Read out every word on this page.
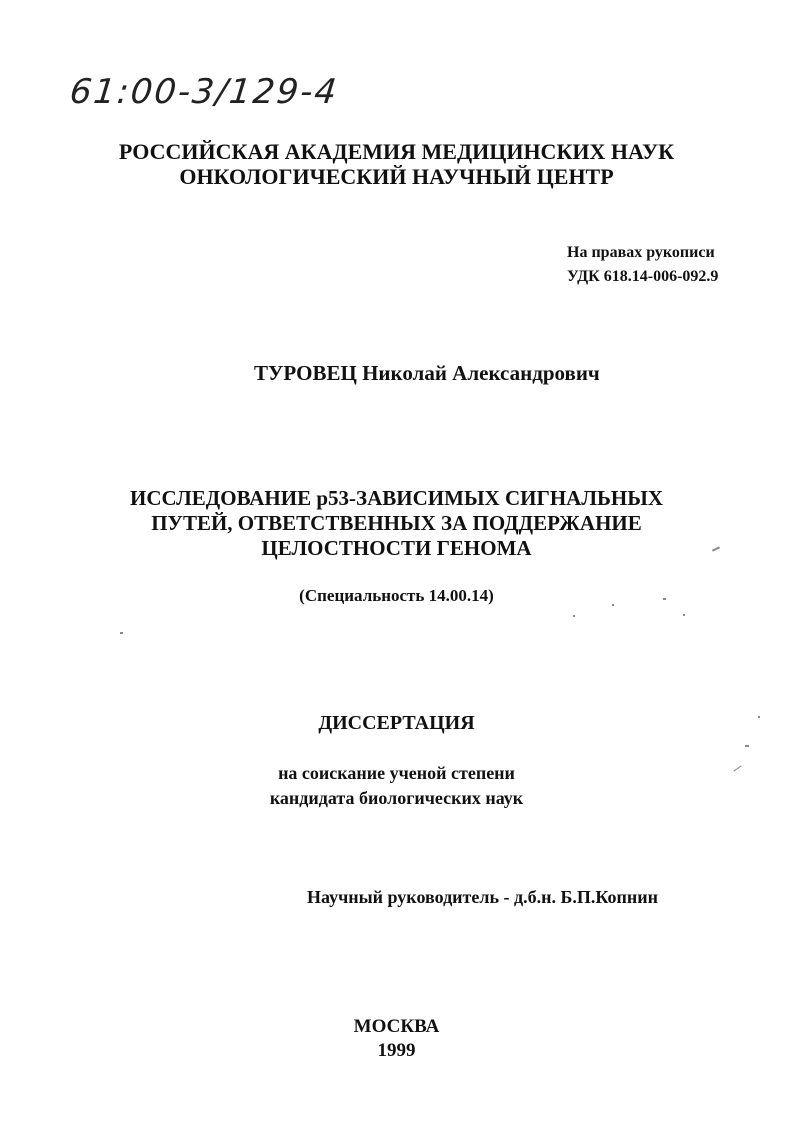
61:00-3/129-4
РОССИЙСКАЯ АКАДЕМИЯ МЕДИЦИНСКИХ НАУК
ОНКОЛОГИЧЕСКИЙ НАУЧНЫЙ ЦЕНТР
На правах рукописи
УДК 618.14-006-092.9
ТУРОВЕЦ Николай Александрович
ИССЛЕДОВАНИЕ p53-ЗАВИСИМЫХ СИГНАЛЬНЫХ
ПУТЕЙ, ОТВЕТСТВЕННЫХ ЗА ПОДДЕРЖАНИЕ
ЦЕЛОСТНОСТИ ГЕНОМА
(Специальность 14.00.14)
ДИССЕРТАЦИЯ
на соискание ученой степени
кандидата биологических наук
Научный руководитель - д.б.н. Б.П.Копнин
МОСКВА
1999
